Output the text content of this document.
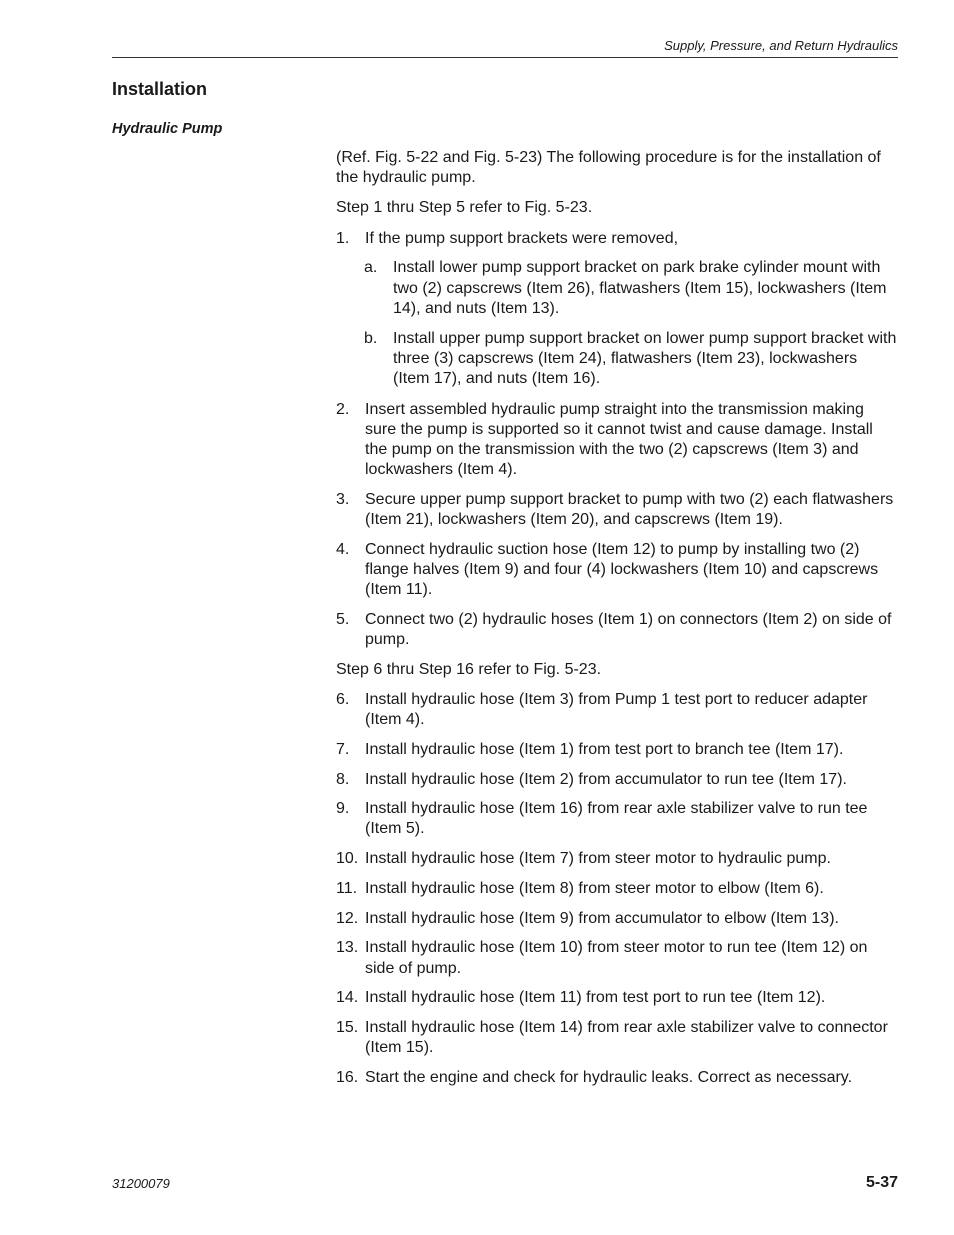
Supply, Pressure, and Return Hydraulics
Installation
Hydraulic Pump

(Ref. Fig. 5-22 and Fig. 5-23) The following procedure is for the installation of the hydraulic pump.

Step 1 thru Step 5 refer to Fig. 5-23.

1. If the pump support brackets were removed,
a. Install lower pump support bracket on park brake cylinder mount with two (2) capscrews (Item 26), flatwashers (Item 15), lockwashers (Item 14), and nuts (Item 13).
b. Install upper pump support bracket on lower pump support bracket with three (3) capscrews (Item 24), flatwashers (Item 23), lockwashers (Item 17), and nuts (Item 16).
2. Insert assembled hydraulic pump straight into the transmission making sure the pump is supported so it cannot twist and cause damage. Install the pump on the transmission with the two (2) capscrews (Item 3) and lockwashers (Item 4).
3. Secure upper pump support bracket to pump with two (2) each flatwashers (Item 21), lockwashers (Item 20), and capscrews (Item 19).
4. Connect hydraulic suction hose (Item 12) to pump by installing two (2) flange halves (Item 9) and four (4) lockwashers (Item 10) and capscrews (Item 11).
5. Connect two (2) hydraulic hoses (Item 1) on connectors (Item 2) on side of pump.

Step 6 thru Step 16 refer to Fig. 5-23.

6. Install hydraulic hose (Item 3) from Pump 1 test port to reducer adapter (Item 4).
7. Install hydraulic hose (Item 1) from test port to branch tee (Item 17).
8. Install hydraulic hose (Item 2) from accumulator to run tee (Item 17).
9. Install hydraulic hose (Item 16) from rear axle stabilizer valve to run tee (Item 5).
10. Install hydraulic hose (Item 7) from steer motor to hydraulic pump.
11. Install hydraulic hose (Item 8) from steer motor to elbow (Item 6).
12. Install hydraulic hose (Item 9) from accumulator to elbow (Item 13).
13. Install hydraulic hose (Item 10) from steer motor to run tee (Item 12) on side of pump.
14. Install hydraulic hose (Item 11) from test port to run tee (Item 12).
15. Install hydraulic hose (Item 14) from rear axle stabilizer valve to connector (Item 15).
16. Start the engine and check for hydraulic leaks. Correct as necessary.
31200079	5-37
